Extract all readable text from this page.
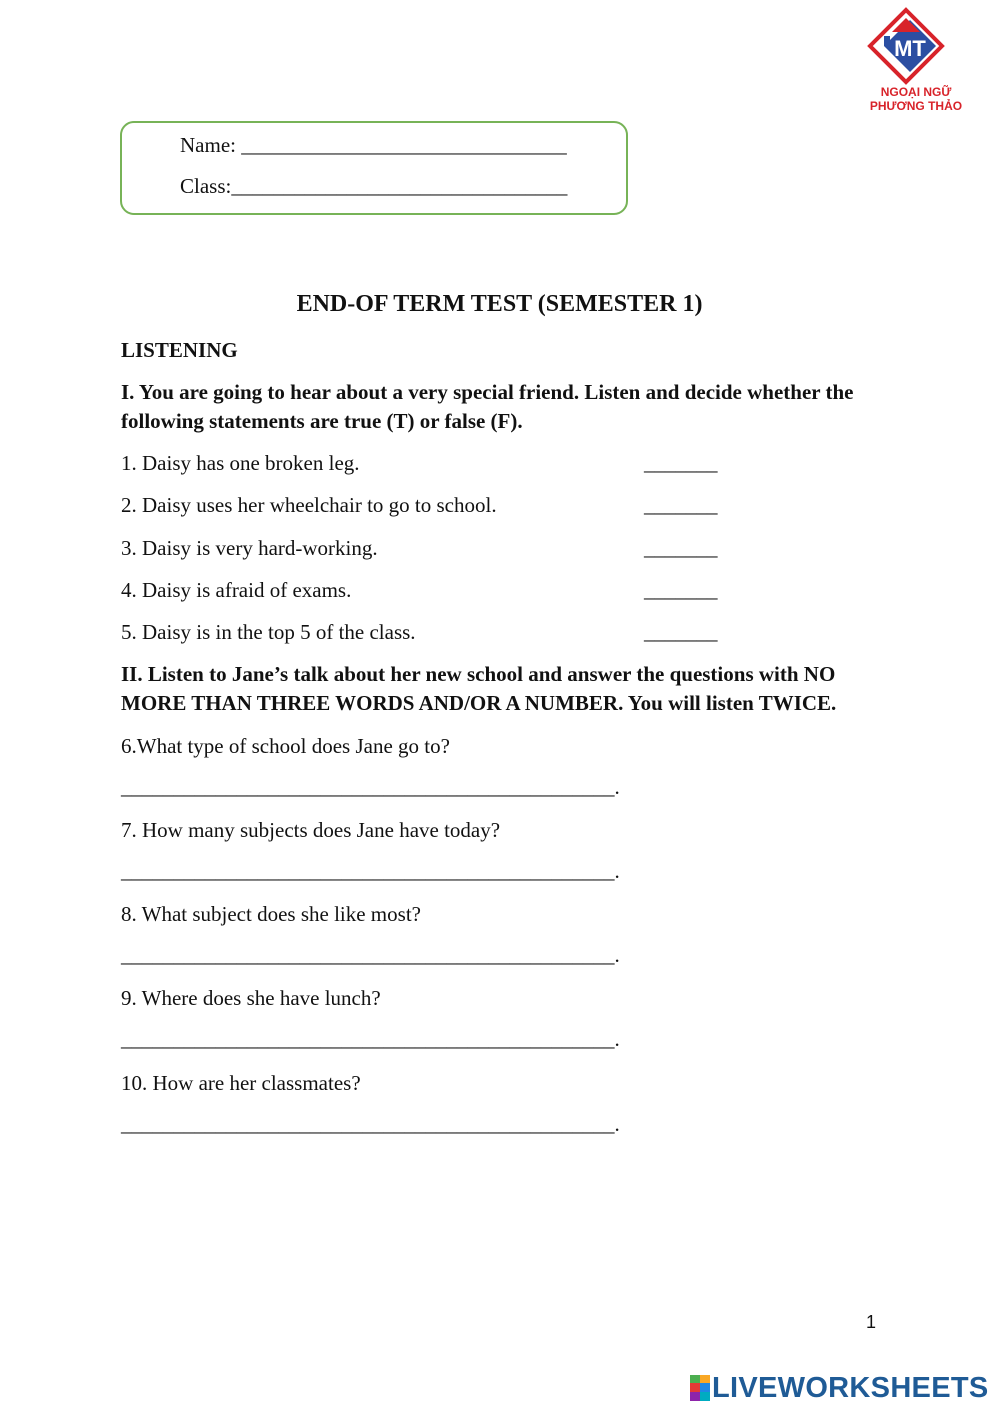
MT
NGOẠI NGỮ
PHƯƠNG THẢO
Name: _______________________________
Class:________________________________
END-OF TERM TEST (SEMESTER 1)
LISTENING
I. You are going to hear about a very special friend. Listen and decide whether the following statements are true (T) or false (F).
1. Daisy has one broken leg.	_______
2. Daisy uses her wheelchair to go to school.	_______
3. Daisy is very hard-working.	_______
4. Daisy is afraid of exams.	_______
5. Daisy is in the top 5 of the class.	_______
II. Listen to Jane’s talk about her new school and answer the questions with NO MORE THAN THREE WORDS AND/OR A NUMBER. You will listen TWICE.
6.What type of school does Jane go to?
_______________________________________________.
7. How many subjects does Jane have today?
_______________________________________________.
8. What subject does she like most?
_______________________________________________.
9. Where does she have lunch?
_______________________________________________.
10. How are her classmates?
_______________________________________________.
1
LIVEWORKSHEETS
